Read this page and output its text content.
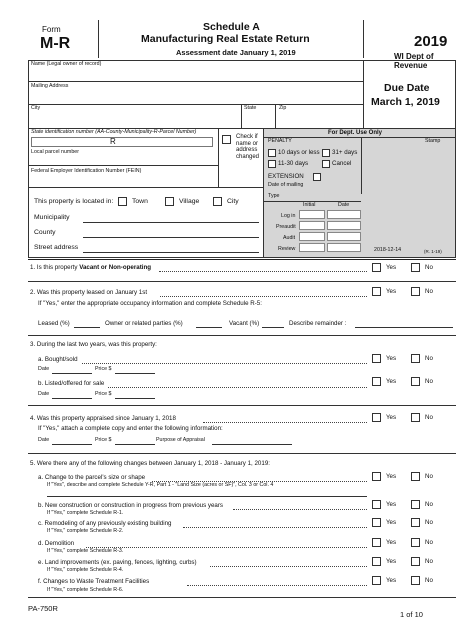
Form
M-R
Schedule A
Manufacturing Real Estate Return
Assessment date January 1, 2019
2019
WI Dept of Revenue
Name (Legal owner of record)
Mailing Address
City	State	Zip
Due Date
March 1, 2019
State identification number (AA-County-Municipality-R-Parcel Number)
R
Local parcel number
Federal Employer Identification Number (FEIN)
Check if
name or
address
changed
This property is located in:	Town	Village	City
Municipality
County
Street address
For Dept. Use Only
PENALTY	Stamp
10 days or less 31+ days
11-30 days	Cancel
EXTENSION
Date of mailing
Type
Initial	Date
Log in
Preaudit
Audit
Review	2018-12-14	(R. 1-19)
1. Is this property Vacant or Non-operating	Yes	No
2. Was this property leased on January 1st	Yes	No
If "Yes," enter the appropriate occupancy information and complete Schedule R-5:
Leased (%)	Owner or related parties (%)	Vacant (%)	Describe remainder :
3. During the last two years, was this property:
a. Bought/sold	Yes	No
Date	Price $
b. Listed/offered for sale	Yes	No
Date	Price $
4. Was this property appraised since January 1, 2018	Yes	No
If "Yes," attach a complete copy and enter the following information:
Date	Price $	Purpose of Appraisal
5. Were there any of the following changes between January 1, 2018 - January 1, 2019:
a. Change to the parcel's size or shape	Yes	No
If "Yes", describe and complete Schedule Y-R, Part 1 - "Land Size (acres or SF)", Col. 3 or Col. 4
b. New construction or construction in progress from previous years	Yes	No
If "Yes," complete Schedule R-1.
c. Remodeling of any previously existing building	Yes	No
If "Yes," complete Schedule R-2.
d. Demolition	Yes	No
If "Yes," complete Schedule R-3.
e. Land improvements (ex. paving, fences, lighting, curbs)	Yes	No
If "Yes," complete Schedule R-4.
f. Changes to Waste Treatment Facilities	Yes	No
If "Yes," complete Schedule R-6.
PA-750R
1 of 10
